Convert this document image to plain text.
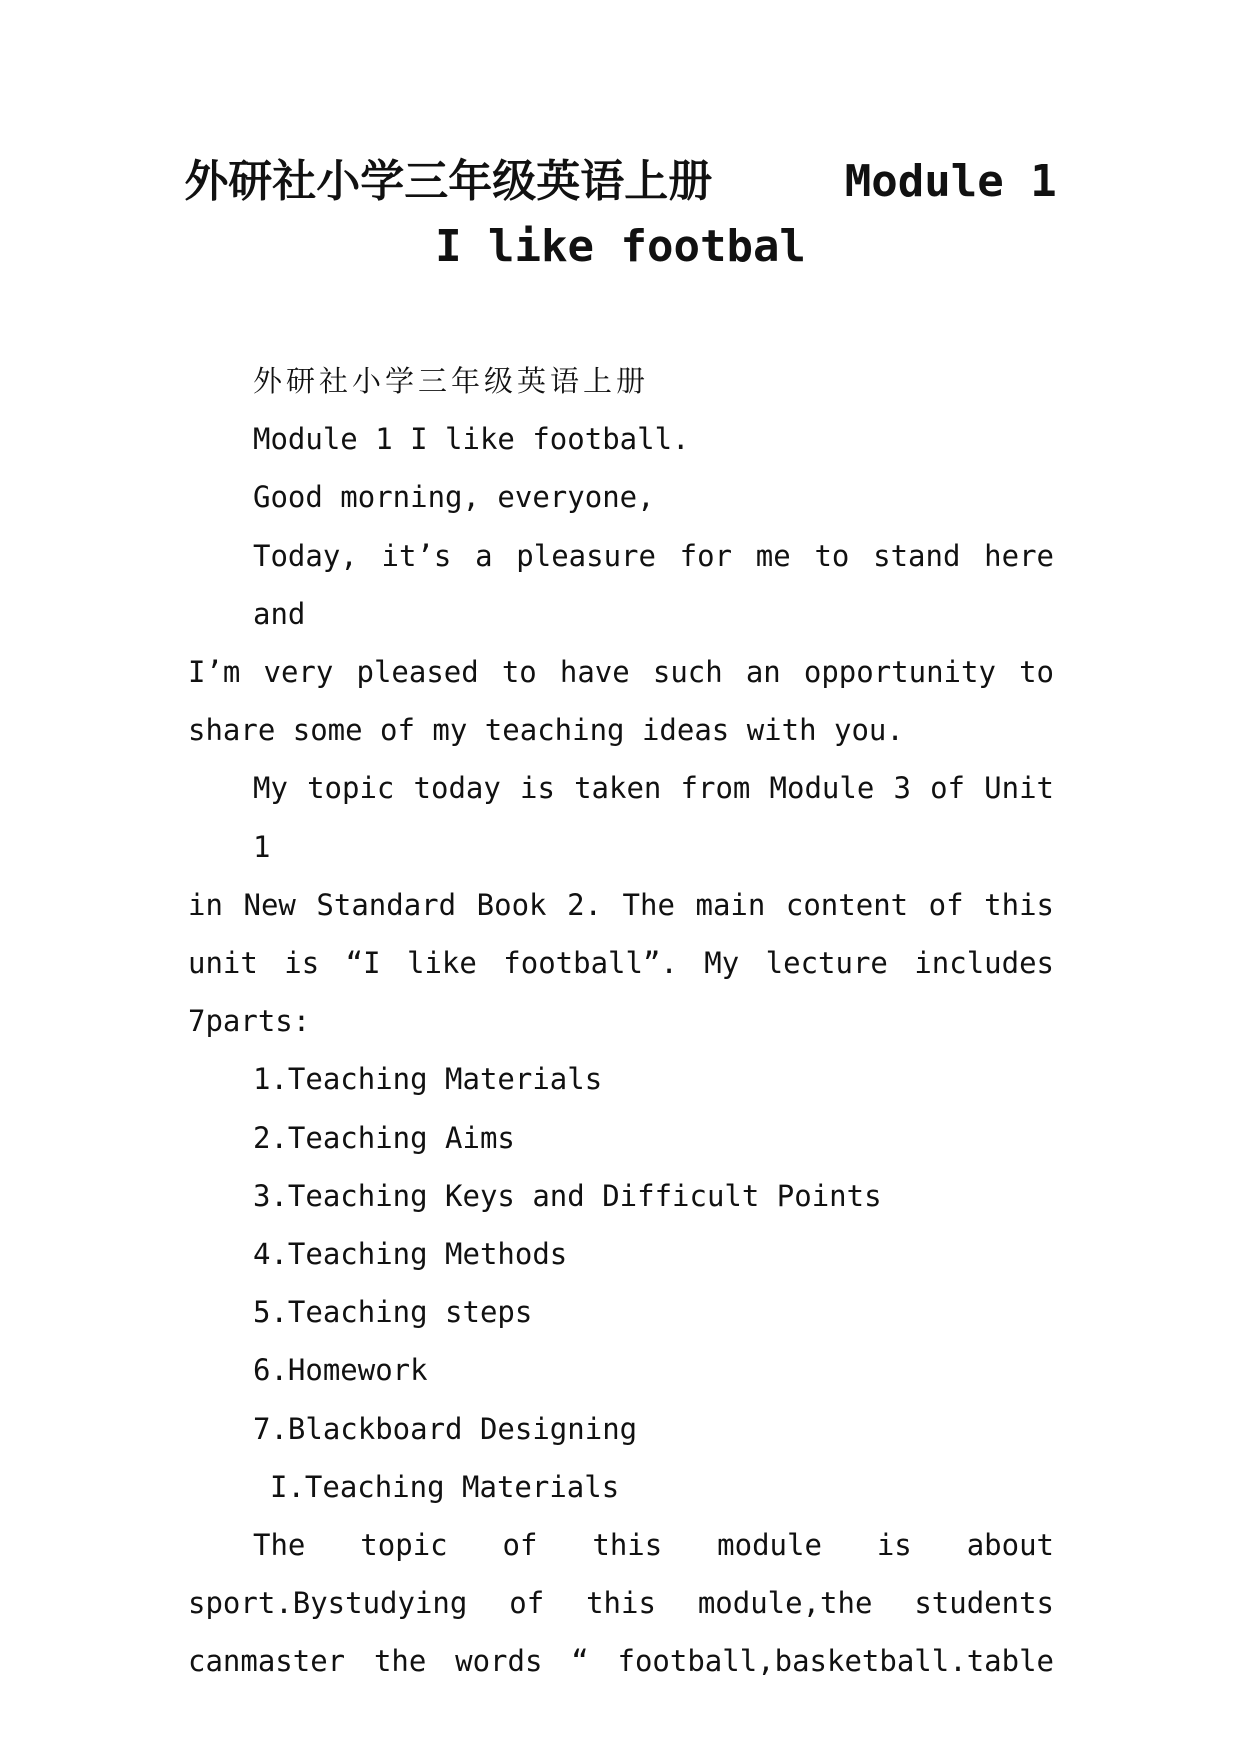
外研社小学三年级英语上册	Module 1
I like footbal

外研社小学三年级英语上册

Module 1 I like football.

Good morning, everyone,

Today, it’s a pleasure for me to stand here and
I’m very pleased to have such an opportunity to
share some of my teaching ideas with you.
My topic today is taken from Module 3 of Unit 1
in New Standard Book 2. The main content of this
unit is “I like football”. My lecture includes
7parts:

1.Teaching Materials

2.Teaching Aims

3.Teaching Keys and Difficult Points

4.Teaching Methods

5.Teaching steps

6.Homework

7.Blackboard Designing

I.Teaching Materials

The topic of this module is about
sport.Bystudying of this module,the students
canmaster the words “ football,basketball.table
